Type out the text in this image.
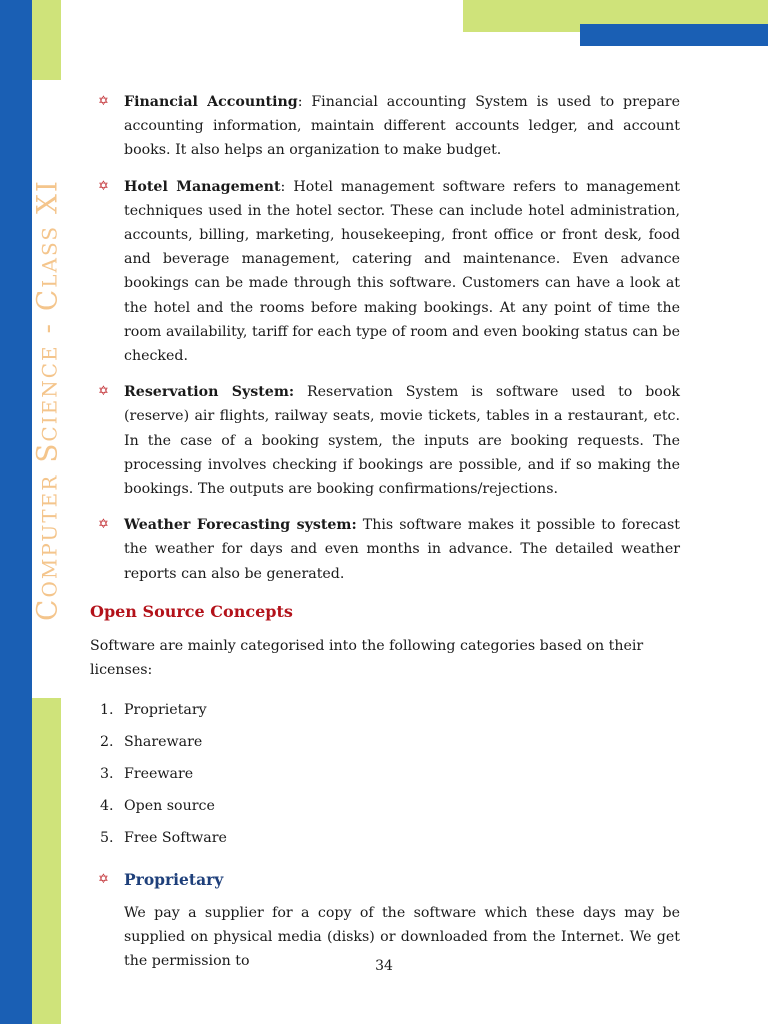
Computer Science - Class XI

✡ Financial Accounting: Financial accounting System is used to prepare accounting information, maintain different accounts ledger, and account books. It also helps an organization to make budget.

✡ Hotel Management: Hotel management software refers to management techniques used in the hotel sector. These can include hotel administration, accounts, billing, marketing, housekeeping, front office or front desk, food and beverage management, catering and maintenance. Even advance bookings can be made through this software. Customers can have a look at the hotel and the rooms before making bookings. At any point of time the room availability, tariff for each type of room and even booking status can be checked.

✡ Reservation System: Reservation System is software used to book (reserve) air flights, railway seats, movie tickets, tables in a restaurant, etc. In the case of a booking system, the inputs are booking requests. The processing involves checking if bookings are possible, and if so making the bookings. The outputs are booking confirmations/rejections.

✡ Weather Forecasting system: This software makes it possible to forecast the weather for days and even months in advance. The detailed weather reports can also be generated.

Open Source Concepts

Software are mainly categorised into the following categories based on their licenses:

1. Proprietary
2. Shareware
3. Freeware
4. Open source
5. Free Software
✡ Proprietary

We pay a supplier for a copy of the software which these days may be supplied on physical media (disks) or downloaded from the Internet. We get the permission to	34
